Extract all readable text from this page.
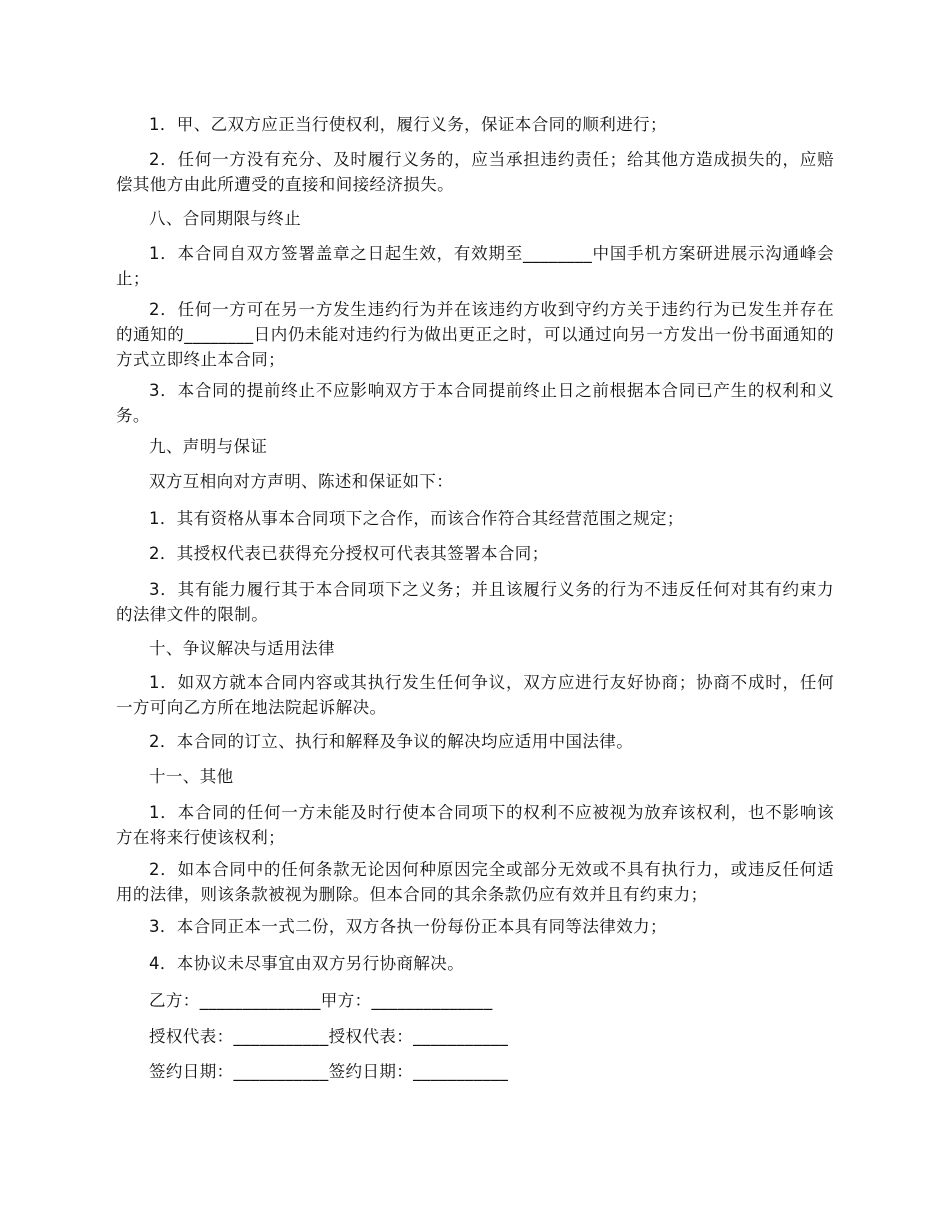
1．甲、乙双方应正当行使权利，履行义务，保证本合同的顺利进行；

2．任何一方没有充分、及时履行义务的，应当承担违约责任；给其他方造成损失的，应赔偿其他方由此所遭受的直接和间接经济损失。

八、合同期限与终止

1．本合同自双方签署盖章之日起生效，有效期至________中国手机方案研进展示沟通峰会止；

2．任何一方可在另一方发生违约行为并在该违约方收到守约方关于违约行为已发生并存在的通知的________日内仍未能对违约行为做出更正之时，可以通过向另一方发出一份书面通知的方式立即终止本合同；

3．本合同的提前终止不应影响双方于本合同提前终止日之前根据本合同已产生的权利和义务。

九、声明与保证

双方互相向对方声明、陈述和保证如下：

1．其有资格从事本合同项下之合作，而该合作符合其经营范围之规定；

2．其授权代表已获得充分授权可代表其签署本合同；

3．其有能力履行其于本合同项下之义务；并且该履行义务的行为不违反任何对其有约束力的法律文件的限制。

十、争议解决与适用法律

1．如双方就本合同内容或其执行发生任何争议，双方应进行友好协商；协商不成时，任何一方可向乙方所在地法院起诉解决。

2．本合同的订立、执行和解释及争议的解决均应适用中国法律。

十一、其他

1．本合同的任何一方未能及时行使本合同项下的权利不应被视为放弃该权利，也不影响该方在将来行使该权利；

2．如本合同中的任何条款无论因何种原因完全或部分无效或不具有执行力，或违反任何适用的法律，则该条款被视为删除。但本合同的其余条款仍应有效并且有约束力；

3．本合同正本一式二份，双方各执一份每份正本具有同等法律效力；

4．本协议未尽事宜由双方另行协商解决。

乙方：______________甲方：______________
授权代表：___________授权代表：___________
签约日期：___________签约日期：___________
